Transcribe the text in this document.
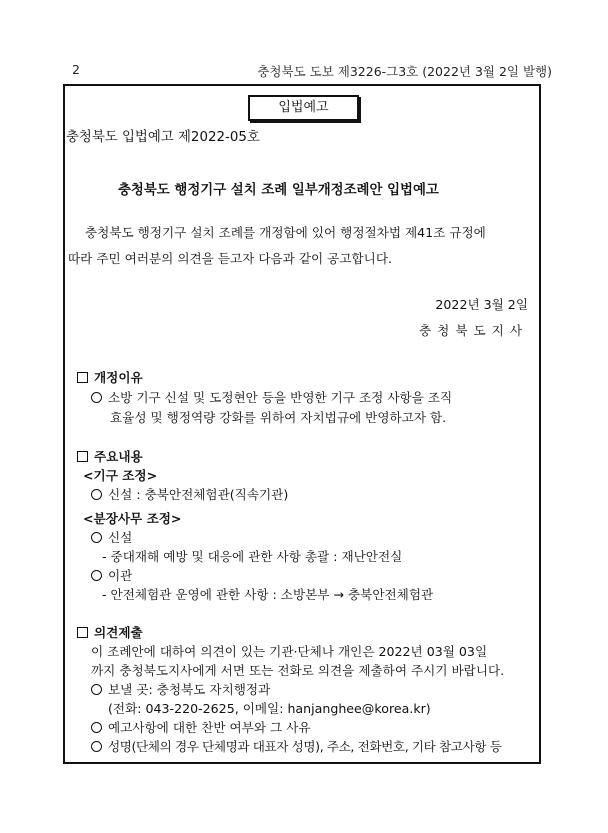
2	충청북도 도보 제3226-그3호 (2022년 3월 2일 발행)
입법예고
충청북도 입법예고 제2022-05호
충청북도 행정기구 설치 조례 일부개정조례안 입법예고
충청북도 행정기구 설치 조례를 개정함에 있어 행정절차법 제41조 규정에
따라 주민 여러분의 의견을 듣고자 다음과 같이 공고합니다.
2022년 3월 2일
충청북도지사
개정이유
소방 기구 신설 및 도정현안 등을 반영한 기구 조정 사항을 조직
효율성 및 행정역량 강화를 위하여 자치법규에 반영하고자 함.
주요내용
<기구 조정>
신설 : 충북안전체험관(직속기관)
<분장사무 조정>
신설
- 중대재해 예방 및 대응에 관한 사항 총괄 : 재난안전실
이관
- 안전체험관 운영에 관한 사항 : 소방본부 → 충북안전체험관
의견제출
이 조례안에 대하여 의견이 있는 기관·단체나 개인은 2022년 03월 03일
까지 충청북도지사에게 서면 또는 전화로 의견을 제출하여 주시기 바랍니다.
보낼 곳: 충청북도 자치행정과
(전화: 043-220-2625, 이메일: hanjanghee@korea.kr)
예고사항에 대한 찬반 여부와 그 사유
성명(단체의 경우 단체명과 대표자 성명), 주소, 전화번호, 기타 참고사항 등
